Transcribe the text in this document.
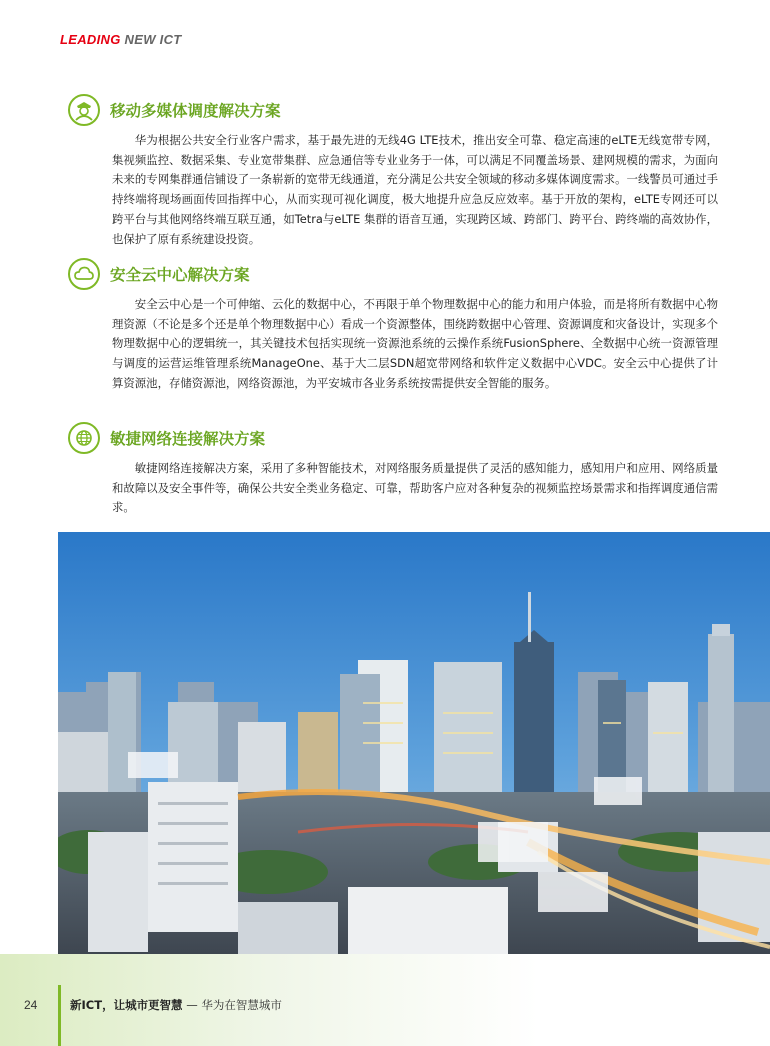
LEADING NEW ICT
移动多媒体调度解决方案
华为根据公共安全行业客户需求，基于最先进的无线4G LTE技术，推出安全可靠、稳定高速的eLTE无线宽带专网，集视频监控、数据采集、专业宽带集群、应急通信等专业业务于一体，可以满足不同覆盖场景、建网规模的需求，为面向未来的专网集群通信铺设了一条崭新的宽带无线通道，充分满足公共安全领域的移动多媒体调度需求。一线警员可通过手持终端将现场画面传回指挥中心，从而实现可视化调度，极大地提升应急反应效率。基于开放的架构，eLTE专网还可以跨平台与其他网络终端互联互通，如Tetra与eLTE 集群的语音互通，实现跨区域、跨部门、跨平台、跨终端的高效协作，也保护了原有系统建设投资。
安全云中心解决方案
安全云中心是一个可伸缩、云化的数据中心，不再限于单个物理数据中心的能力和用户体验，而是将所有数据中心物理资源（不论是多个还是单个物理数据中心）看成一个资源整体，围绕跨数据中心管理、资源调度和灾备设计，实现多个物理数据中心的逻辑统一，其关键技术包括实现统一资源池系统的云操作系统FusionSphere、全数据中心统一资源管理与调度的运营运维管理系统ManageOne、基于大二层SDN超宽带网络和软件定义数据中心VDC。安全云中心提供了计算资源池，存储资源池，网络资源池，为平安城市各业务系统按需提供安全智能的服务。
敏捷网络连接解决方案
敏捷网络连接解决方案，采用了多种智能技术，对网络服务质量提供了灵活的感知能力，感知用户和应用、网络质量和故障以及安全事件等，确保公共安全类业务稳定、可靠，帮助客户应对各种复杂的视频监控场景需求和指挥调度通信需求。
24	新ICT，让城市更智慧 — 华为在智慧城市
